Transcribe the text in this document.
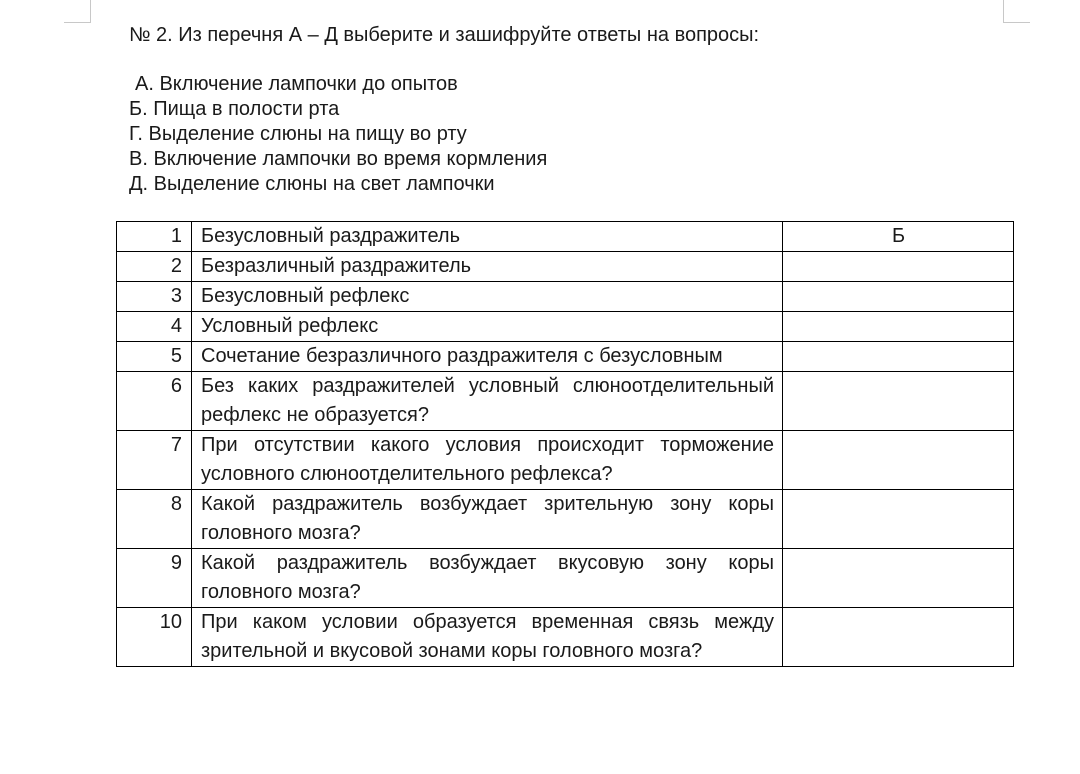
№ 2. Из перечня А – Д выберите и зашифруйте ответы на вопросы:
А. Включение лампочки до опытов
Б. Пища в полости рта
Г. Выделение слюны на пищу во рту
В. Включение лампочки во время кормления
Д. Выделение слюны на свет лампочки
1	Безусловный раздражитель	Б
2	Безразличный раздражитель	
3	Безусловный рефлекс	
4	Условный рефлекс	
5	Сочетание безразличного раздражителя с безусловным	
6	Без каких раздражителей условный слюноотделительный рефлекс не образуется?	
7	При отсутствии какого условия происходит торможение условного слюноотделительного рефлекса?	
8	Какой раздражитель возбуждает зрительную зону коры головного мозга?	
9	Какой раздражитель возбуждает вкусовую зону коры головного мозга?	
10	При каком условии образуется временная связь между зрительной и вкусовой зонами коры головного мозга?	
